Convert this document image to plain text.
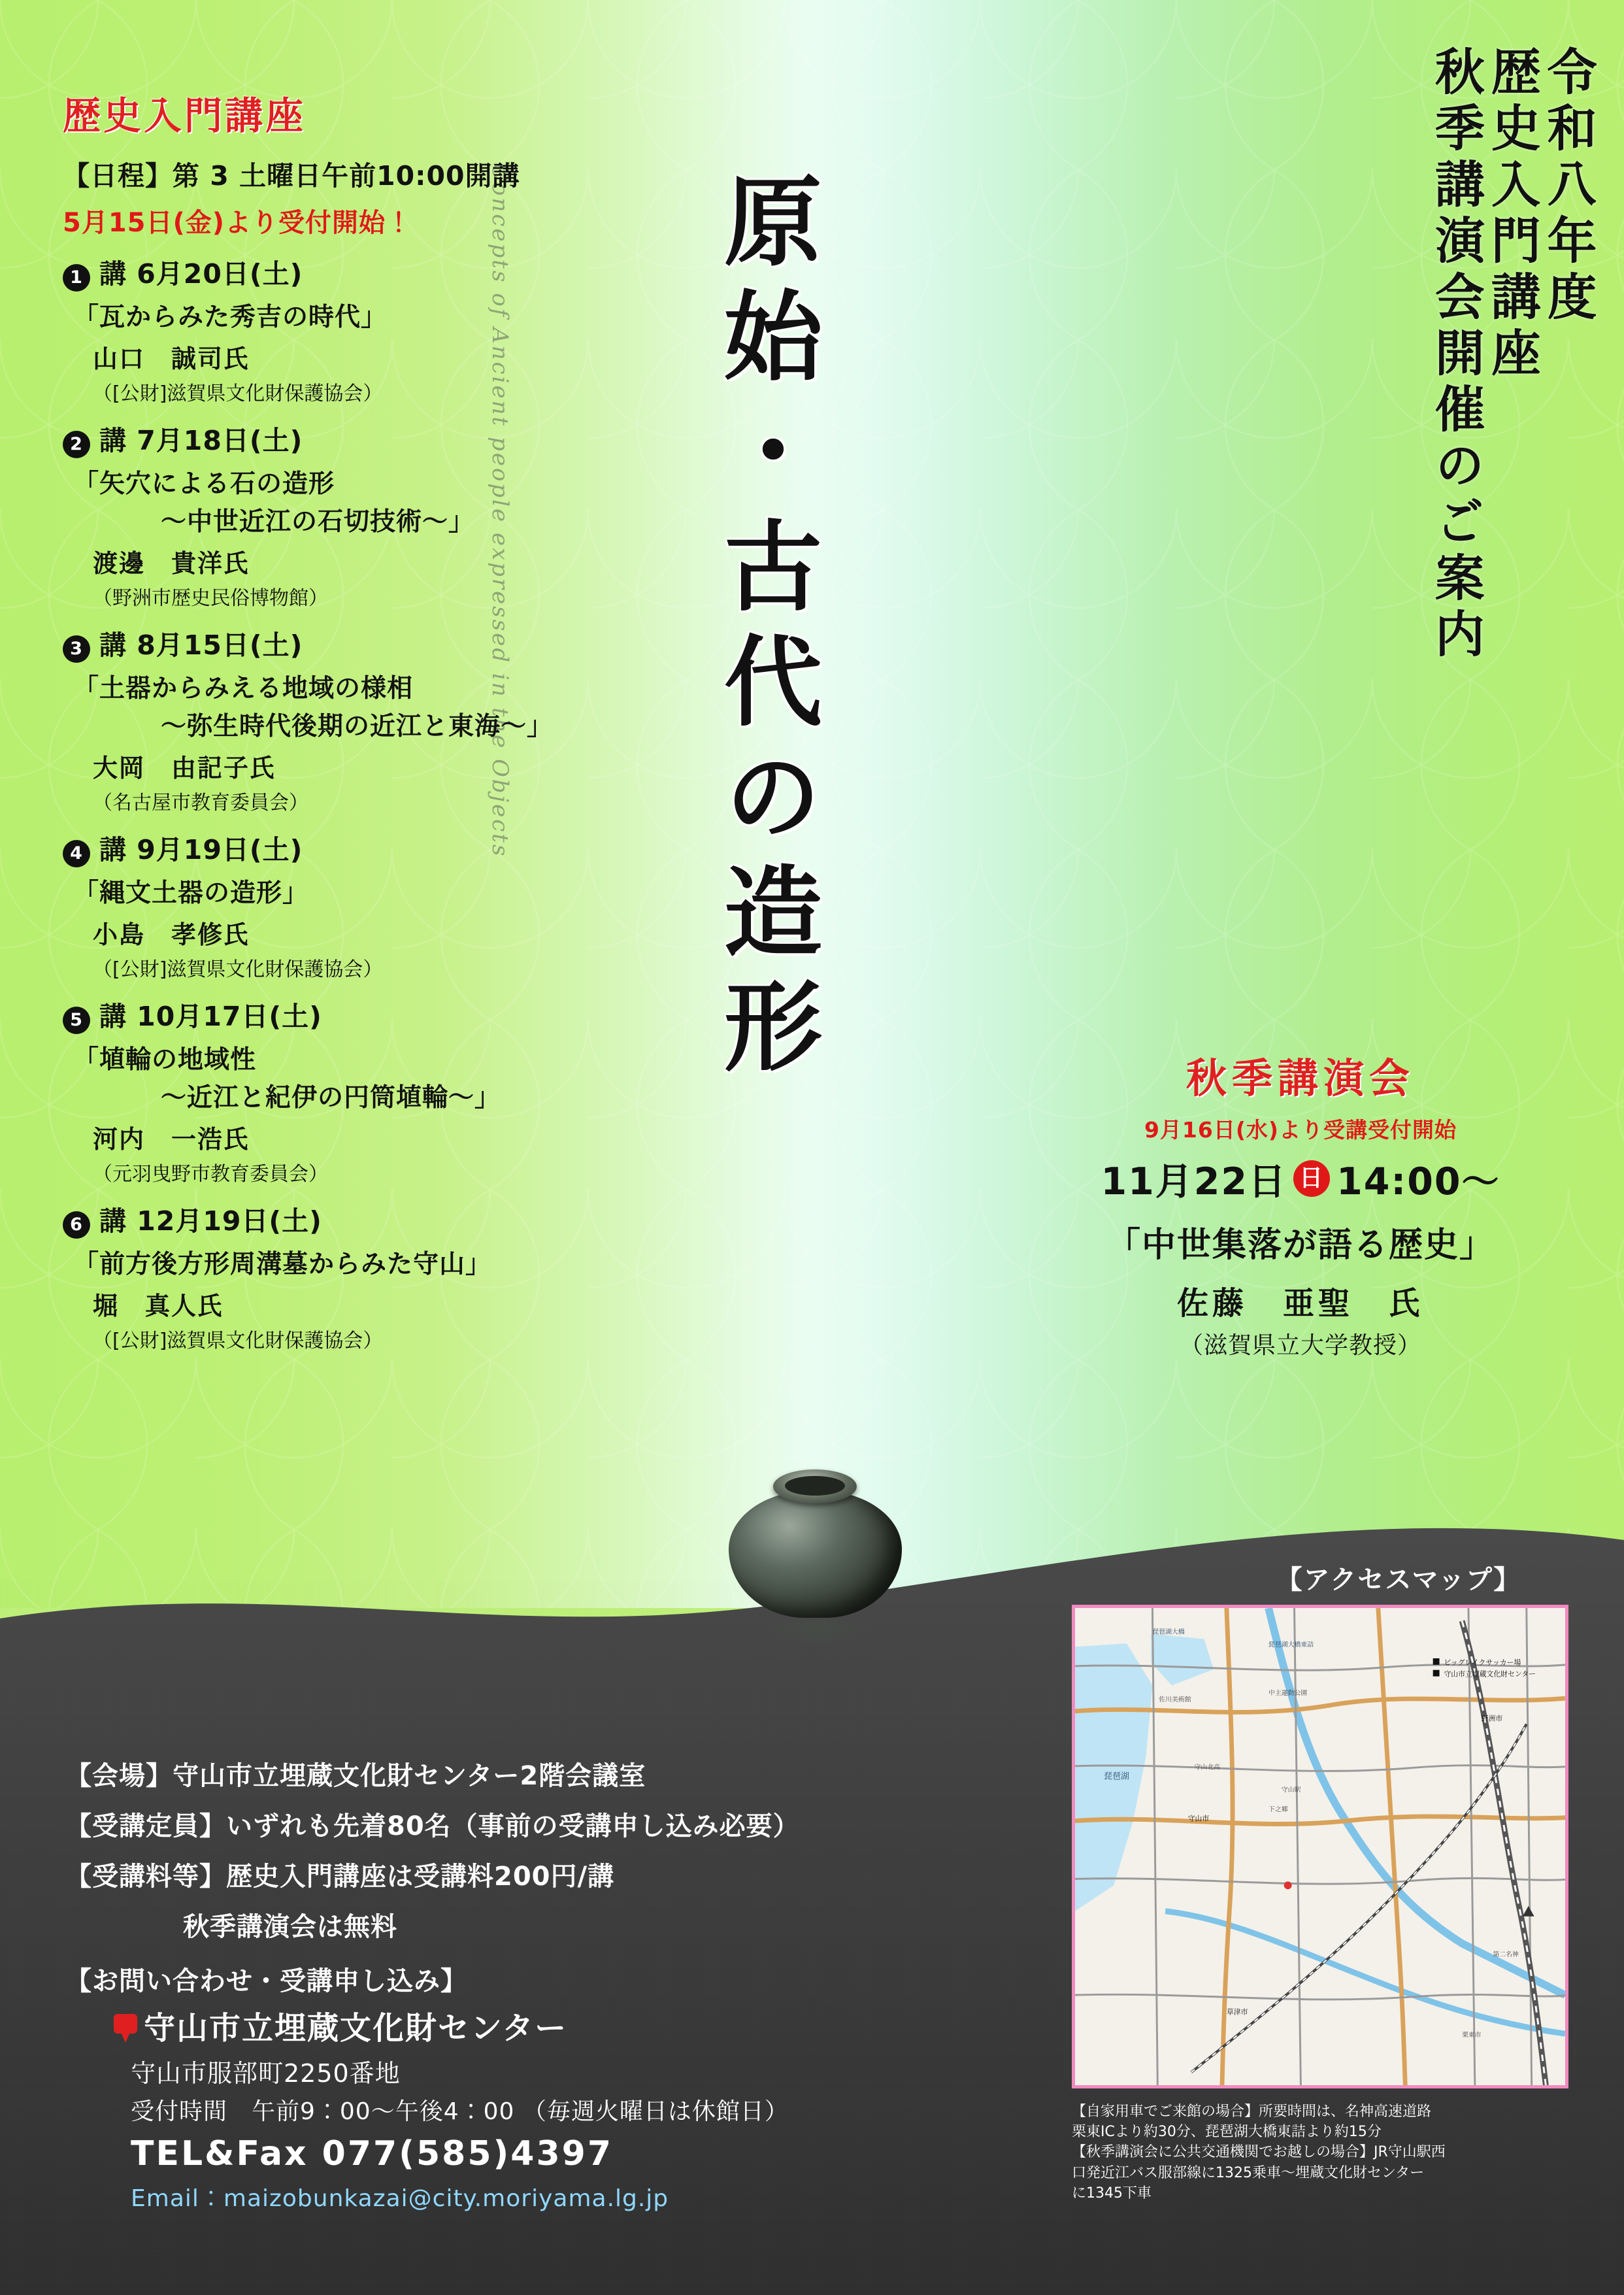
令和八年度
歴史入門講座
秋季講演会開催のご案内
Concepts of Ancient people expressed in the Objects 原始・古代の造形
歴史入門講座
【日程】第 3 土曜日午前10:00開講
5月15日(金)より受付開始！
1 講 6月20日(土)
「瓦からみた秀吉の時代」
山口　誠司氏
（[公財]滋賀県文化財保護協会）
2 講 7月18日(土)
「矢穴による石の造形
〜中世近江の石切技術〜」
渡邊　貴洋氏
（野洲市歴史民俗博物館）
3 講 8月15日(土)
「土器からみえる地域の様相
〜弥生時代後期の近江と東海〜」
大岡　由記子氏
（名古屋市教育委員会）
4 講 9月19日(土)
「縄文土器の造形」
小島　孝修氏
（[公財]滋賀県文化財保護協会）
5 講 10月17日(土)
「埴輪の地域性
〜近江と紀伊の円筒埴輪〜」
河内　一浩氏
（元羽曳野市教育委員会）
6 講 12月19日(土)
「前方後方形周溝墓からみた守山」
堀　真人氏
（[公財]滋賀県文化財保護協会）
秋季講演会
9月16日(水)より受講受付開始
11月22日 日 14:00〜
「中世集落が語る歴史」
佐藤　亜聖　氏
（滋賀県立大学教授）
【アクセスマップ】
琵琶湖
ビッグレイクサッカー場
守山市立埋蔵文化財センター
琵琶湖大橋
琵琶湖大橋東詰
佐川美術館
中主運動公園
野洲市
守山市
守山駅
下之郷
守山北高
草津市
栗東市
第二名神
【自家用車でご来館の場合】所要時間は、名神高速道路
栗東ICより約30分、琵琶湖大橋東詰より約15分
【秋季講演会に公共交通機関でお越しの場合】JR守山駅西
口発近江バス服部線に1325乗車〜埋蔵文化財センター
に1345下車
【会場】守山市立埋蔵文化財センター2階会議室
【受講定員】いずれも先着80名（事前の受講申し込み必要）
【受講料等】歴史入門講座は受講料200円/講
秋季講演会は無料
【お問い合わせ・受講申し込み】
守山市立埋蔵文化財センター
守山市服部町2250番地
受付時間　午前9：00〜午後4：00 （毎週火曜日は休館日）
TEL&Fax 077(585)4397
Email：maizobunkazai@city.moriyama.lg.jp
